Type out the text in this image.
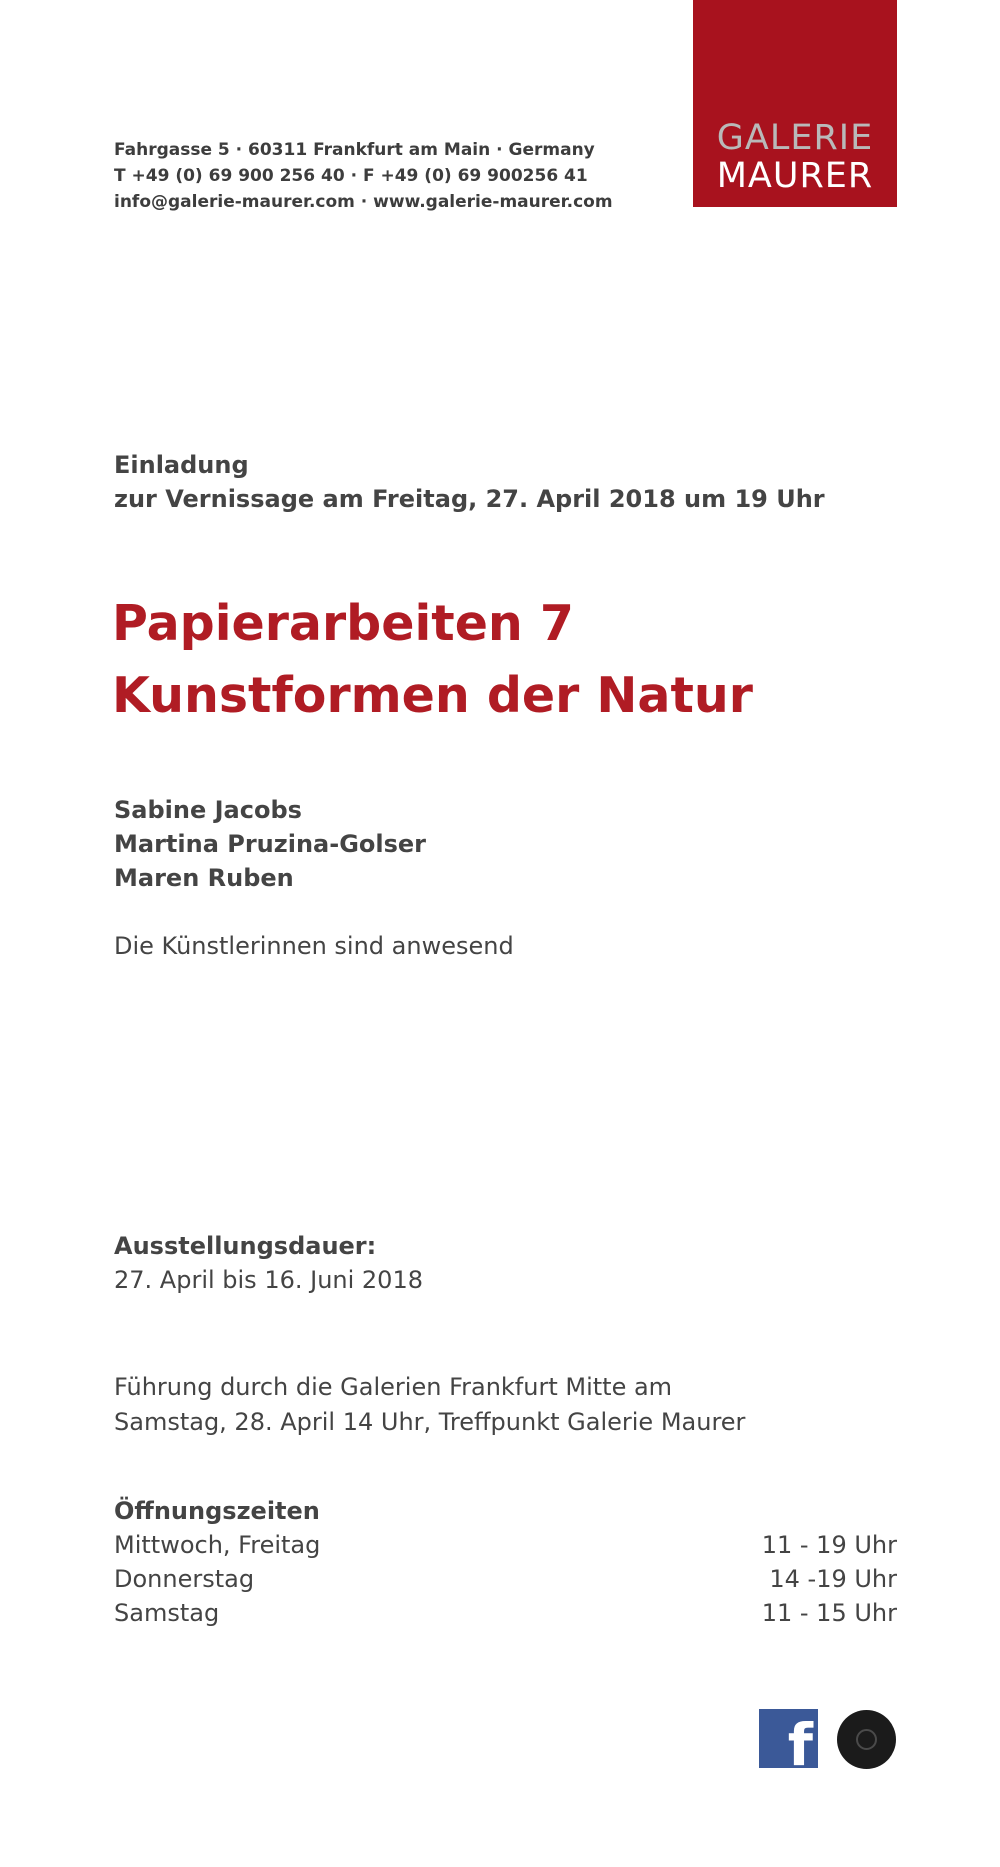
Fahrgasse 5 · 60311 Frankfurt am Main · Germany
T +49 (0) 69 900 256 40 · F +49 (0) 69 900256 41
info@galerie-maurer.com · www.galerie-maurer.com
GALERIE
MAURER
Einladung
zur Vernissage am Freitag, 27. April 2018 um 19 Uhr
Papierarbeiten 7
Kunstformen der Natur
Sabine Jacobs
Martina Pruzina-Golser
Maren Ruben
Die Künstlerinnen sind anwesend
Ausstellungsdauer:
27. April bis 16. Juni 2018
Führung durch die Galerien Frankfurt Mitte am
Samstag, 28. April 14 Uhr, Treffpunkt Galerie Maurer
Öffnungszeiten
Mittwoch, Freitag	11 - 19 Uhr
Donnerstag	14 -19 Uhr
Samstag	11 - 15 Uhr
f
